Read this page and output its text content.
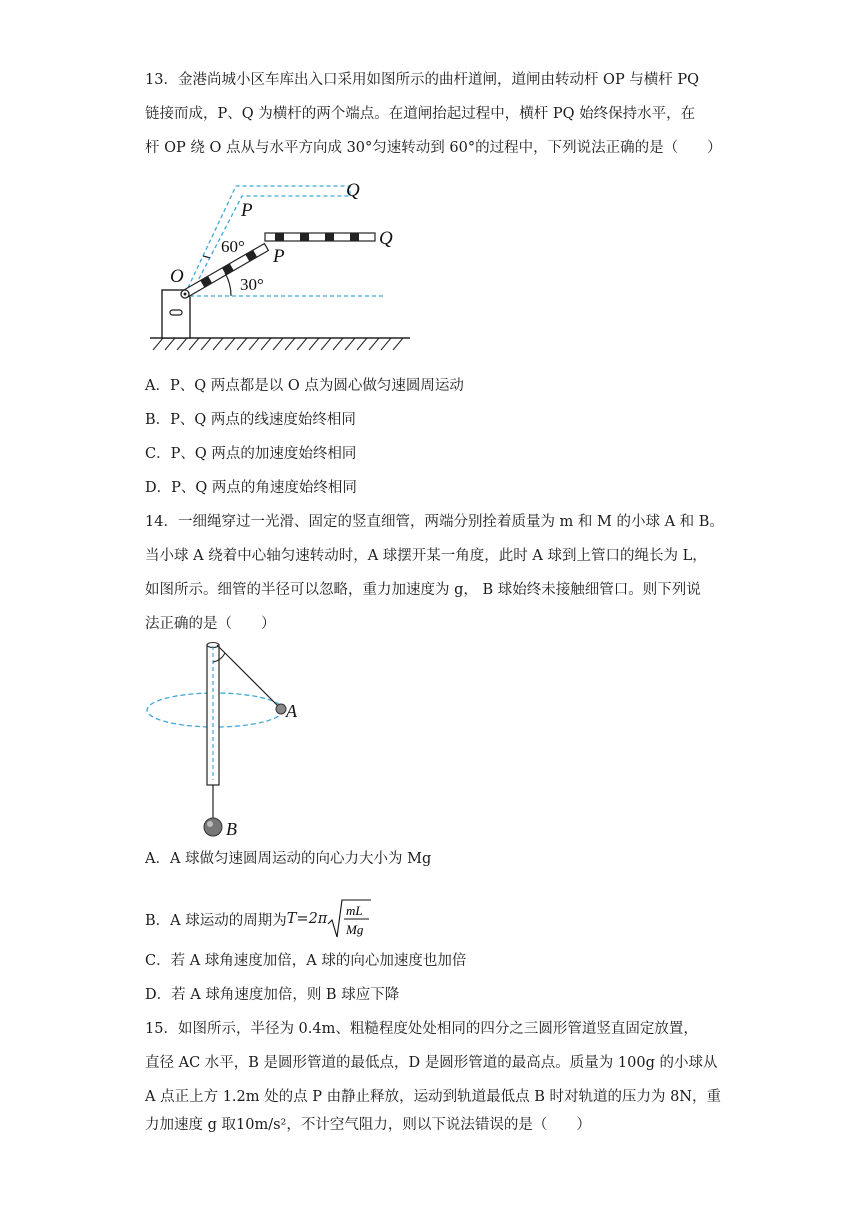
13．金港尚城小区车库出入口采用如图所示的曲杆道闸，道闸由转动杆 OP 与横杆 PQ
链接而成，P、Q 为横杆的两个端点。在道闸抬起过程中，横杆 PQ 始终保持水平，在
杆 OP 绕 O 点从与水平方向成 30°匀速转动到 60°的过程中，下列说法正确的是（　　）
O
P
Q
P
Q
60°
30°
A．P、Q 两点都是以 O 点为圆心做匀速圆周运动
B．P、Q 两点的线速度始终相同
C．P、Q 两点的加速度始终相同
D．P、Q 两点的角速度始终相同
14．一细绳穿过一光滑、固定的竖直细管，两端分别拴着质量为 m 和 M 的小球 A 和 B。
当小球 A 绕着中心轴匀速转动时，A 球摆开某一角度，此时 A 球到上管口的绳长为 L，
如图所示。细管的半径可以忽略，重力加速度为 g， B 球始终未接触细管口。则下列说
法正确的是（　　）
A
B
A．A 球做匀速圆周运动的向心力大小为 Mg
B．A 球运动的周期为T=2π
mL
Mg
C．若 A 球角速度加倍，A 球的向心加速度也加倍
D．若 A 球角速度加倍，则 B 球应下降
15．如图所示，半径为 0.4m、粗糙程度处处相同的四分之三圆形管道竖直固定放置，
直径 AC 水平，B 是圆形管道的最低点，D 是圆形管道的最高点。质量为 100g 的小球从
A 点正上方 1.2m 处的点 P 由静止释放，运动到轨道最低点 B 时对轨道的压力为 8N，重
力加速度 g 取10m/s²，不计空气阻力，则以下说法错误的是（　　）
